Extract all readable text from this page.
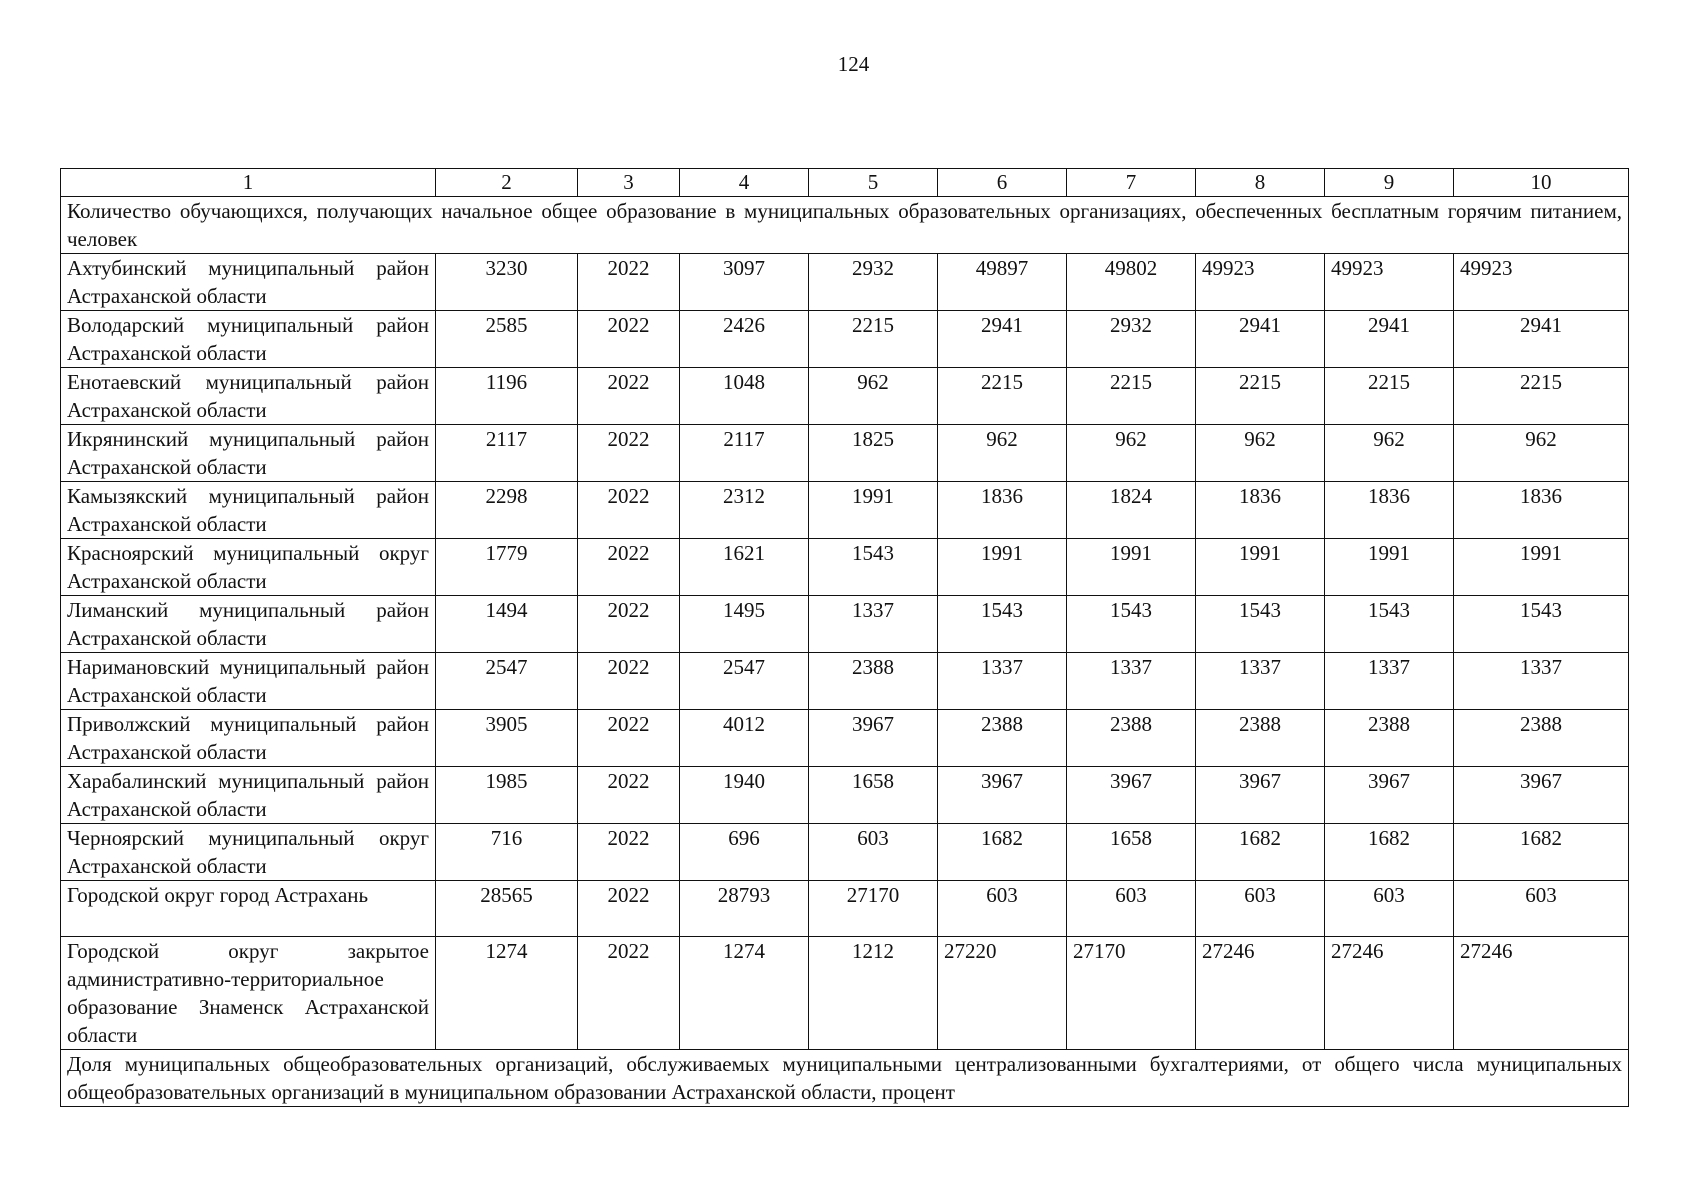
124
1	2	3	4	5	6	7	8	9	10
Количество обучающихся, получающих начальное общее образование в муниципальных образовательных организациях, обеспеченных бесплатным горячим питанием, человек									
Ахтубинский муниципальный район Астраханской области	3230	2022	3097	2932	49897	49802	49923	49923	49923
Володарский муниципальный район Астраханской области	2585	2022	2426	2215	2941	2932	2941	2941	2941
Енотаевский муниципальный район Астраханской области	1196	2022	1048	962	2215	2215	2215	2215	2215
Икрянинский муниципальный район Астраханской области	2117	2022	2117	1825	962	962	962	962	962
Камызякский муниципальный район Астраханской области	2298	2022	2312	1991	1836	1824	1836	1836	1836
Красноярский муниципальный округ Астраханской области	1779	2022	1621	1543	1991	1991	1991	1991	1991
Лиманский муниципальный район Астраханской области	1494	2022	1495	1337	1543	1543	1543	1543	1543
Наримановский муниципальный район Астраханской области	2547	2022	2547	2388	1337	1337	1337	1337	1337
Приволжский муниципальный район Астраханской области	3905	2022	4012	3967	2388	2388	2388	2388	2388
Харабалинский муниципальный район Астраханской области	1985	2022	1940	1658	3967	3967	3967	3967	3967
Черноярский муниципальный округ Астраханской области	716	2022	696	603	1682	1658	1682	1682	1682
Городской округ город Астрахань	28565	2022	28793	27170	603	603	603	603	603
Городской округ закрытое административно-территориальное образование Знаменск Астраханской области	1274	2022	1274	1212	27220	27170	27246	27246	27246
Доля муниципальных общеобразовательных организаций, обслуживаемых муниципальными централизованными бухгалтериями, от общего числа муниципальных общеобразовательных организаций в муниципальном образовании Астраханской области, процент									
